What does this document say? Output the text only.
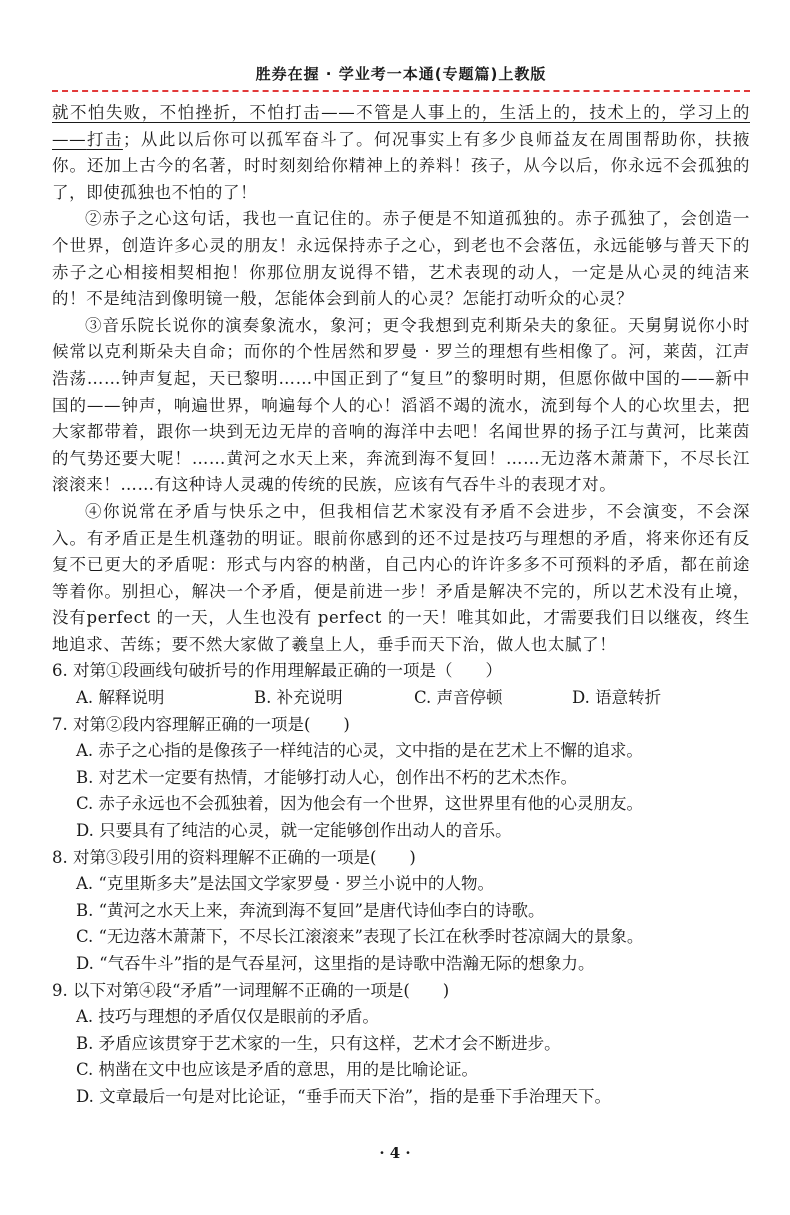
胜券在握 · 学业考一本通(专题篇)上教版

就不怕失败，不怕挫折，不怕打击——不管是人事上的，生活上的，技术上的，学习上的——打击；从此以后你可以孤军奋斗了。何况事实上有多少良师益友在周围帮助你，扶掖你。还加上古今的名著，时时刻刻给你精神上的养料！孩子，从今以后，你永远不会孤独的了，即使孤独也不怕的了！

②赤子之心这句话，我也一直记住的。赤子便是不知道孤独的。赤子孤独了，会创造一个世界，创造许多心灵的朋友！永远保持赤子之心，到老也不会落伍，永远能够与普天下的赤子之心相接相契相抱！你那位朋友说得不错，艺术表现的动人，一定是从心灵的纯洁来的！不是纯洁到像明镜一般，怎能体会到前人的心灵？怎能打动听众的心灵？

③音乐院长说你的演奏象流水，象河；更令我想到克利斯朵夫的象征。天舅舅说你小时候常以克利斯朵夫自命；而你的个性居然和罗曼 · 罗兰的理想有些相像了。河，莱茵，江声浩荡……钟声复起，天已黎明……中国正到了“复旦”的黎明时期，但愿你做中国的——新中国的——钟声，响遍世界，响遍每个人的心！滔滔不竭的流水，流到每个人的心坎里去，把大家都带着，跟你一块到无边无岸的音响的海洋中去吧！名闻世界的扬子江与黄河，比莱茵的气势还要大呢！……黄河之水天上来，奔流到海不复回！……无边落木萧萧下，不尽长江滚滚来！……有这种诗人灵魂的传统的民族，应该有气吞牛斗的表现才对。

④你说常在矛盾与快乐之中，但我相信艺术家没有矛盾不会进步，不会演变，不会深入。有矛盾正是生机蓬勃的明证。眼前你感到的还不过是技巧与理想的矛盾，将来你还有反复不已更大的矛盾呢：形式与内容的枘凿，自己内心的许许多多不可预料的矛盾，都在前途等着你。别担心，解决一个矛盾，便是前进一步！矛盾是解决不完的，所以艺术没有止境，没有perfect 的一天，人生也没有 perfect 的一天！唯其如此，才需要我们日以继夜，终生地追求、苦练；要不然大家做了羲皇上人，垂手而天下治，做人也太腻了！

6. 对第①段画线句破折号的作用理解最正确的一项是（　　）

A. 解释说明	B. 补充说明	C. 声音停顿	D. 语意转折

7. 对第②段内容理解正确的一项是(　　)

A. 赤子之心指的是像孩子一样纯洁的心灵，文中指的是在艺术上不懈的追求。

B. 对艺术一定要有热情，才能够打动人心，创作出不朽的艺术杰作。

C. 赤子永远也不会孤独着，因为他会有一个世界，这世界里有他的心灵朋友。

D. 只要具有了纯洁的心灵，就一定能够创作出动人的音乐。

8. 对第③段引用的资料理解不正确的一项是(　　)

A. “克里斯多夫”是法国文学家罗曼 · 罗兰小说中的人物。

B. “黄河之水天上来，奔流到海不复回”是唐代诗仙李白的诗歌。

C. “无边落木萧萧下，不尽长江滚滚来”表现了长江在秋季时苍凉阔大的景象。

D. “气吞牛斗”指的是气吞星河，这里指的是诗歌中浩瀚无际的想象力。

9. 以下对第④段“矛盾”一词理解不正确的一项是(　　)

A. 技巧与理想的矛盾仅仅是眼前的矛盾。

B. 矛盾应该贯穿于艺术家的一生，只有这样，艺术才会不断进步。

C. 枘凿在文中也应该是矛盾的意思，用的是比喻论证。

D. 文章最后一句是对比论证，“垂手而天下治”，指的是垂下手治理天下。

· 4 ·
